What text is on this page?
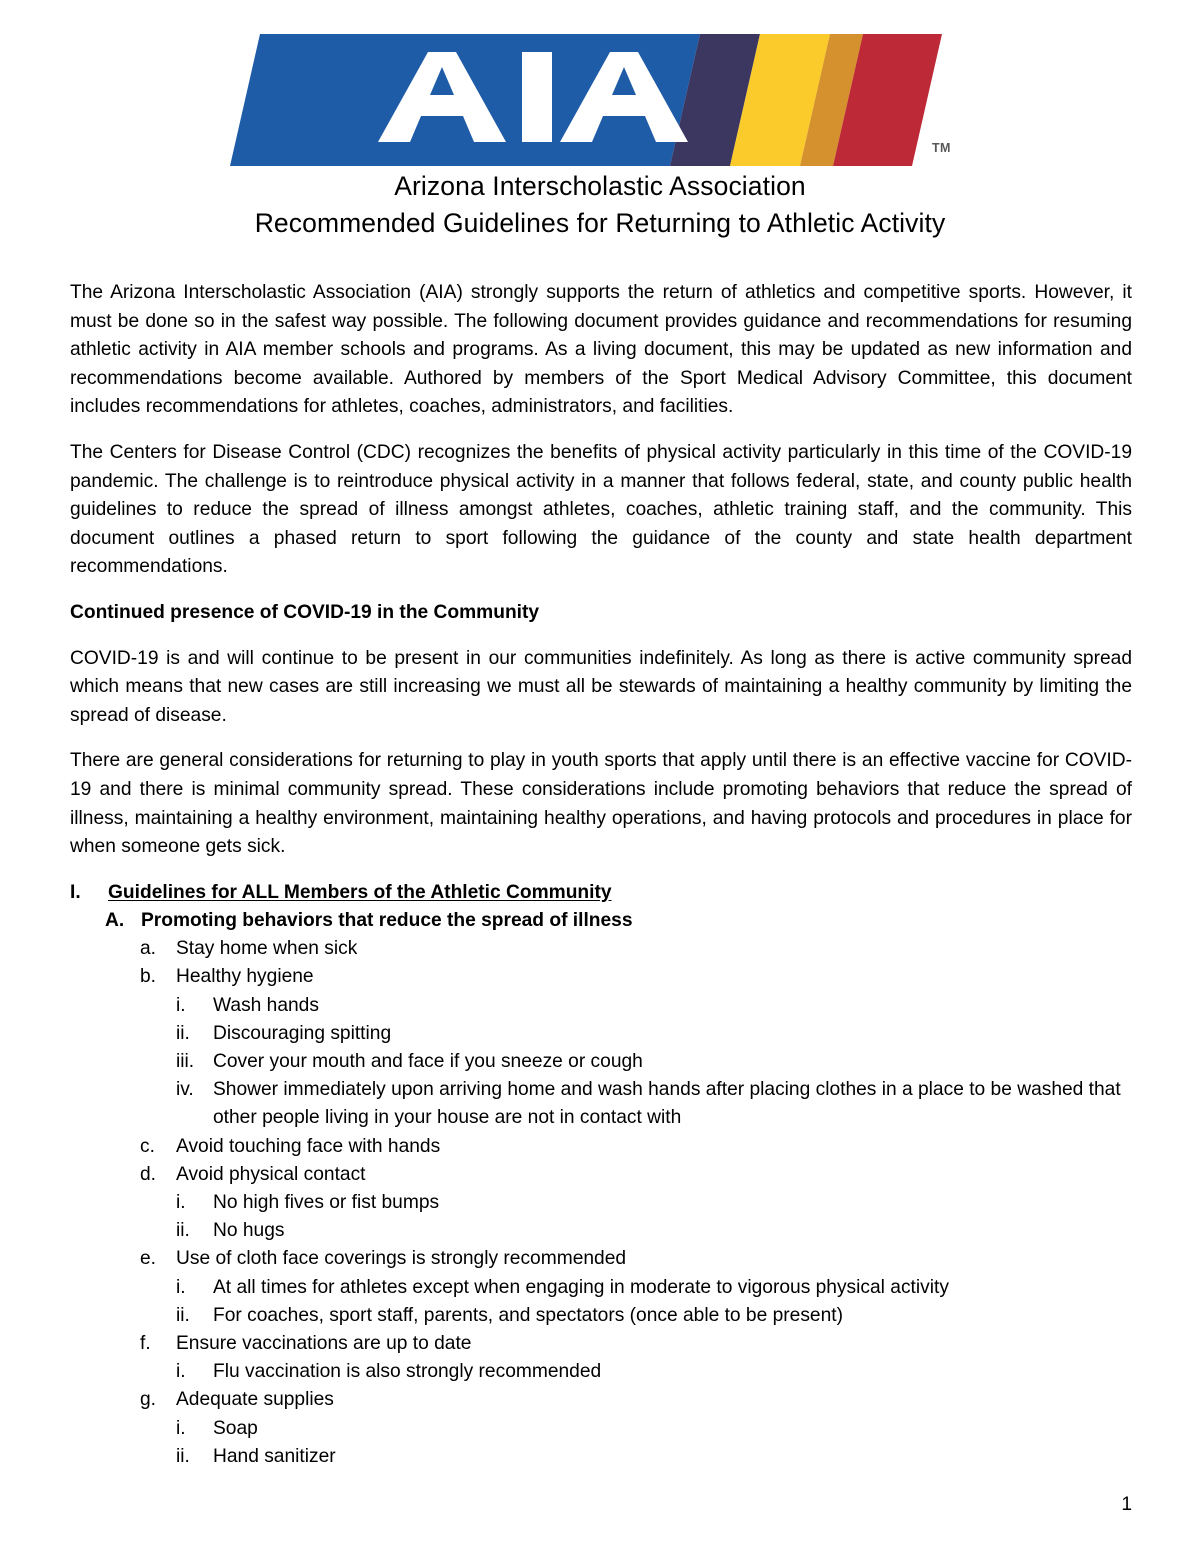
TM
Arizona Interscholastic Association
Recommended Guidelines for Returning to Athletic Activity

The Arizona Interscholastic Association (AIA) strongly supports the return of athletics and competitive sports. However, it must be done so in the safest way possible. The following document provides guidance and recommendations for resuming athletic activity in AIA member schools and programs. As a living document, this may be updated as new information and recommendations become available. Authored by members of the Sport Medical Advisory Committee, this document includes recommendations for athletes, coaches, administrators, and facilities.

The Centers for Disease Control (CDC) recognizes the benefits of physical activity particularly in this time of the COVID-19 pandemic. The challenge is to reintroduce physical activity in a manner that follows federal, state, and county public health guidelines to reduce the spread of illness amongst athletes, coaches, athletic training staff, and the community. This document outlines a phased return to sport following the guidance of the county and state health department recommendations.

Continued presence of COVID-19 in the Community

COVID-19 is and will continue to be present in our communities indefinitely. As long as there is active community spread which means that new cases are still increasing we must all be stewards of maintaining a healthy community by limiting the spread of disease.

There are general considerations for returning to play in youth sports that apply until there is an effective vaccine for COVID-19 and there is minimal community spread. These considerations include promoting behaviors that reduce the spread of illness, maintaining a healthy environment, maintaining healthy operations, and having protocols and procedures in place for when someone gets sick.

I.	Guidelines for ALL Members of the Athletic Community
A. Promoting behaviors that reduce the spread of illness
a.	Stay home when sick
b.	Healthy hygiene
i.	Wash hands
ii.	Discouraging spitting
iii. Cover your mouth and face if you sneeze or cough
iv.	Shower immediately upon arriving home and wash hands after placing clothes in a place to be washed that other people living in your house are not in contact with
c.	Avoid touching face with hands
d.	Avoid physical contact
i.	No high fives or fist bumps
ii.	No hugs
e.	Use of cloth face coverings is strongly recommended
i.	At all times for athletes except when engaging in moderate to vigorous physical activity
ii.	For coaches, sport staff, parents, and spectators (once able to be present)
f.	Ensure vaccinations are up to date
i.	Flu vaccination is also strongly recommended
g.	Adequate supplies
i.	Soap
ii.	Hand sanitizer
1
